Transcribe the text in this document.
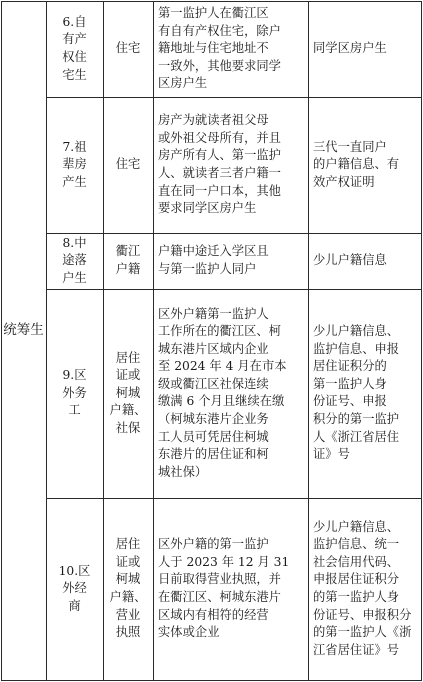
统筹生
6.自
有产
权住
宅生
住宅
第一监护人在衢江区
有自有产权住宅，除户
籍地址与住宅地址不
一致外，其他要求同学
区房户生
同学区房户生
7.祖
辈房
产生
住宅
房产为就读者祖父母
或外祖父母所有，并且
房产所有人、第一监护
人、就读者三者户籍一
直在同一户口本，其他
要求同学区房户生
三代一直同户
的户籍信息、有
效产权证明
8.中
途落
户生
衢江
户籍
户籍中途迁入学区且
与第一监护人同户
少儿户籍信息
9.区
外务
工
居住
证或
柯城
户籍、
社保
区外户籍第一监护人
工作所在的衢江区、柯
城东港片区域内企业
至 2024 年 4 月在市本
级或衢江区社保连续
缴满 6 个月且继续在缴
（柯城东港片企业务
工人员可凭居住柯城
东港片的居住证和柯
城社保）
少儿户籍信息、
监护信息、申报
居住证积分的
第一监护人身
份证号、申报
积分的第一监护
人《浙江省居住
证》号
10.区
外经
商
居住
证或
柯城
户籍、
营业
执照
区外户籍的第一监护
人于 2023 年 12 月 31
日前取得营业执照，并
在衢江区、柯城东港片
区域内有相符的经营
实体或企业
少儿户籍信息、
监护信息、统一
社会信用代码、
申报居住证积分
的第一监护人身
份证号、申报积分
的第一监护人《浙
江省居住证》号
